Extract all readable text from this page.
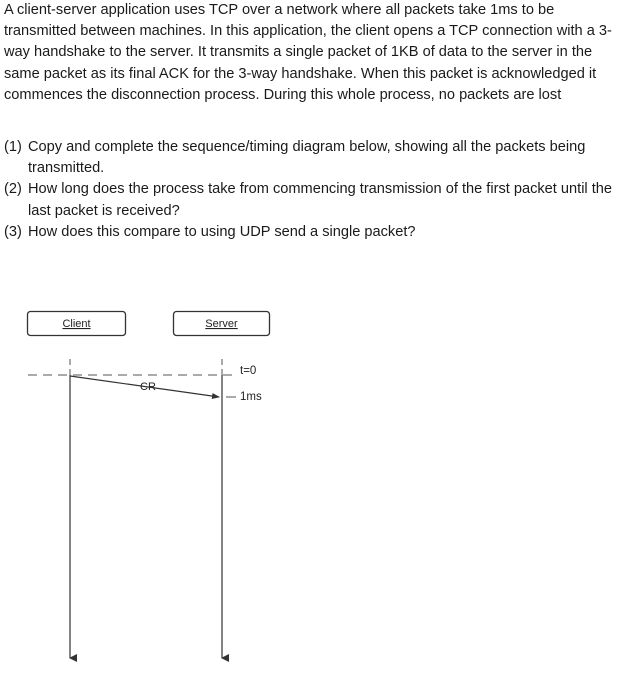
A client-server application uses TCP over a network where all packets take 1ms to be transmitted between machines. In this application, the client opens a TCP connection with a 3-way handshake to the server. It transmits a single packet of 1KB of data to the server in the same packet as its final ACK for the 3-way handshake. When this packet is acknowledged it commences the disconnection process. During this whole process, no packets are lost

(1) Copy and complete the sequence/timing diagram below, showing all the packets being transmitted.
(2) How long does the process take from commencing transmission of the first packet until the last packet is received?
(3) How does this compare to using UDP send a single packet?
Client	Server
CR
t=0
1ms
